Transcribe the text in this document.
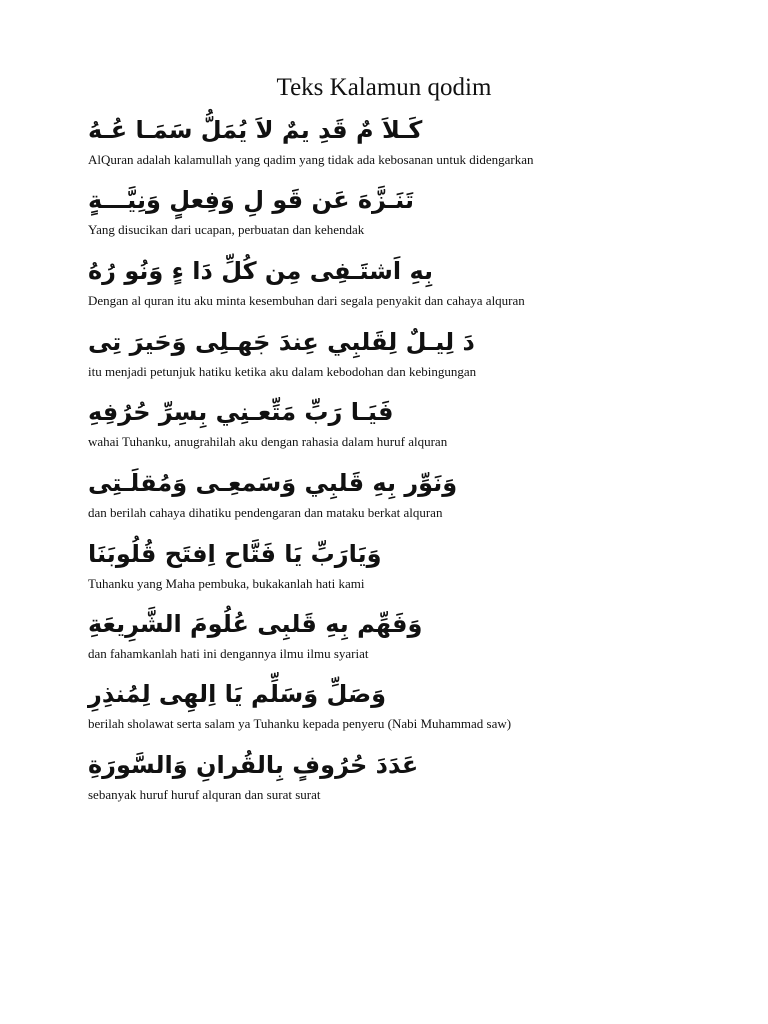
Teks Kalamun qodim
كَـلاَ مٌ قَدِ يمٌ لاَ يُمَلُّ سَمَـا عُـهُ
AlQuran adalah kalamullah yang qadim yang tidak ada kebosanan untuk didengarkan
تَنَـزَّهَ عَن قَو لِ وَفِعلٍ وَنِيَّـــةٍ
Yang disucikan dari ucapan, perbuatan dan kehendak
بِهِ اَشتَـفِى مِن كُلِّ دَا ءٍ وَنُو رُهُ
Dengan al quran itu aku minta kesembuhan dari segala penyakit dan cahaya alquran
دَ لِيـلٌ لِقَلبِي عِندَ جَهـلِى وَحَيرَ تِى
itu menjadi petunjuk hatiku ketika aku dalam kebodohan dan kebingungan
فَيَـا رَبِّ مَتِّعـنِي بِسِرِّ حُرُفِهِ
wahai Tuhanku, anugrahilah aku dengan rahasia dalam huruf alquran
وَنَوِّر بِهِ قَلبِي وَسَمعِـى وَمُقلَـتِى
dan berilah cahaya dihatiku pendengaran dan mataku berkat alquran
وَيَارَبِّ يَا فَتَّاح اِفتَح قُلُوبَنَا
Tuhanku yang Maha pembuka, bukakanlah hati kami
وَفَهِّم بِهِ قَلبِى عُلُومَ الشَّرِيعَةِ
dan fahamkanlah hati ini dengannya ilmu ilmu syariat
وَصَلِّ وَسَلِّم يَا اِلهِى لِمُنذِرِ
berilah sholawat serta salam ya Tuhanku kepada penyeru (Nabi Muhammad saw)
عَدَدَ حُرُوفٍ بِالقُرانِ وَالسَّورَةِ
sebanyak huruf huruf alquran dan surat surat
